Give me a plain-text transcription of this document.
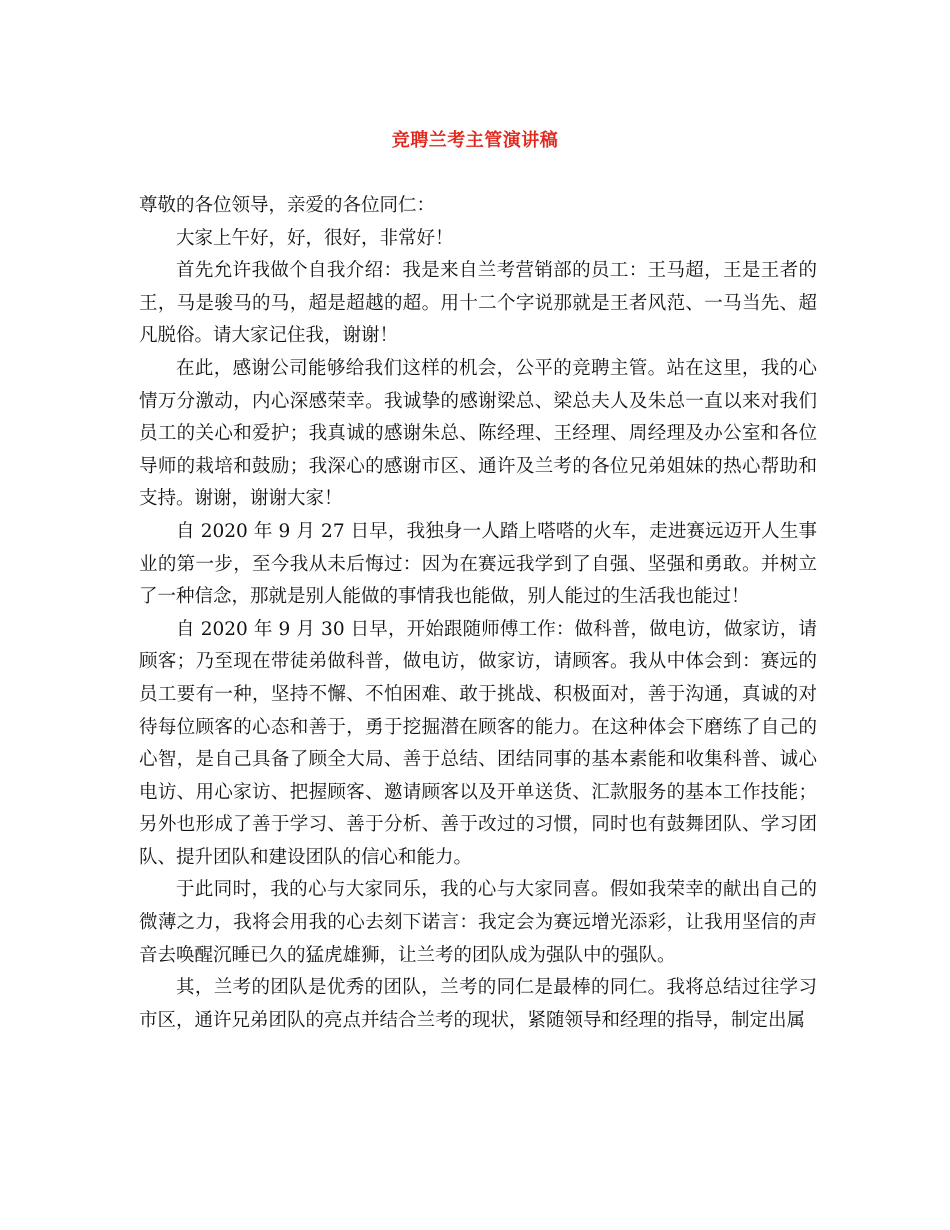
竞聘兰考主管演讲稿

尊敬的各位领导，亲爱的各位同仁：

大家上午好，好，很好，非常好！

首先允许我做个自我介绍：我是来自兰考营销部的员工：王马超，王是王者的王，马是骏马的马，超是超越的超。用十二个字说那就是王者风范、一马当先、超凡脱俗。请大家记住我，谢谢！

在此，感谢公司能够给我们这样的机会，公平的竞聘主管。站在这里，我的心情万分激动，内心深感荣幸。我诚挚的感谢梁总、梁总夫人及朱总一直以来对我们员工的关心和爱护；我真诚的感谢朱总、陈经理、王经理、周经理及办公室和各位导师的栽培和鼓励；我深心的感谢市区、通许及兰考的各位兄弟姐妹的热心帮助和支持。谢谢，谢谢大家！

自 2020 年 9 月 27 日早，我独身一人踏上嗒嗒的火车，走进赛远迈开人生事业的第一步，至今我从未后悔过：因为在赛远我学到了自强、坚强和勇敢。并树立了一种信念，那就是别人能做的事情我也能做，别人能过的生活我也能过！

自 2020 年 9 月 30 日早，开始跟随师傅工作：做科普，做电访，做家访，请顾客；乃至现在带徒弟做科普，做电访，做家访，请顾客。我从中体会到：赛远的员工要有一种，坚持不懈、不怕困难、敢于挑战、积极面对，善于沟通，真诚的对待每位顾客的心态和善于，勇于挖掘潜在顾客的能力。在这种体会下磨练了自己的心智，是自己具备了顾全大局、善于总结、团结同事的基本素能和收集科普、诚心电访、用心家访、把握顾客、邀请顾客以及开单送货、汇款服务的基本工作技能；另外也形成了善于学习、善于分析、善于改过的习惯，同时也有鼓舞团队、学习团队、提升团队和建设团队的信心和能力。

于此同时，我的心与大家同乐，我的心与大家同喜。假如我荣幸的献出自己的微薄之力，我将会用我的心去刻下诺言：我定会为赛远增光添彩，让我用坚信的声音去唤醒沉睡已久的猛虎雄狮，让兰考的团队成为强队中的强队。

其，兰考的团队是优秀的团队，兰考的同仁是最棒的同仁。我将总结过往学习市区，通许兄弟团队的亮点并结合兰考的现状，紧随领导和经理的指导，制定出属
